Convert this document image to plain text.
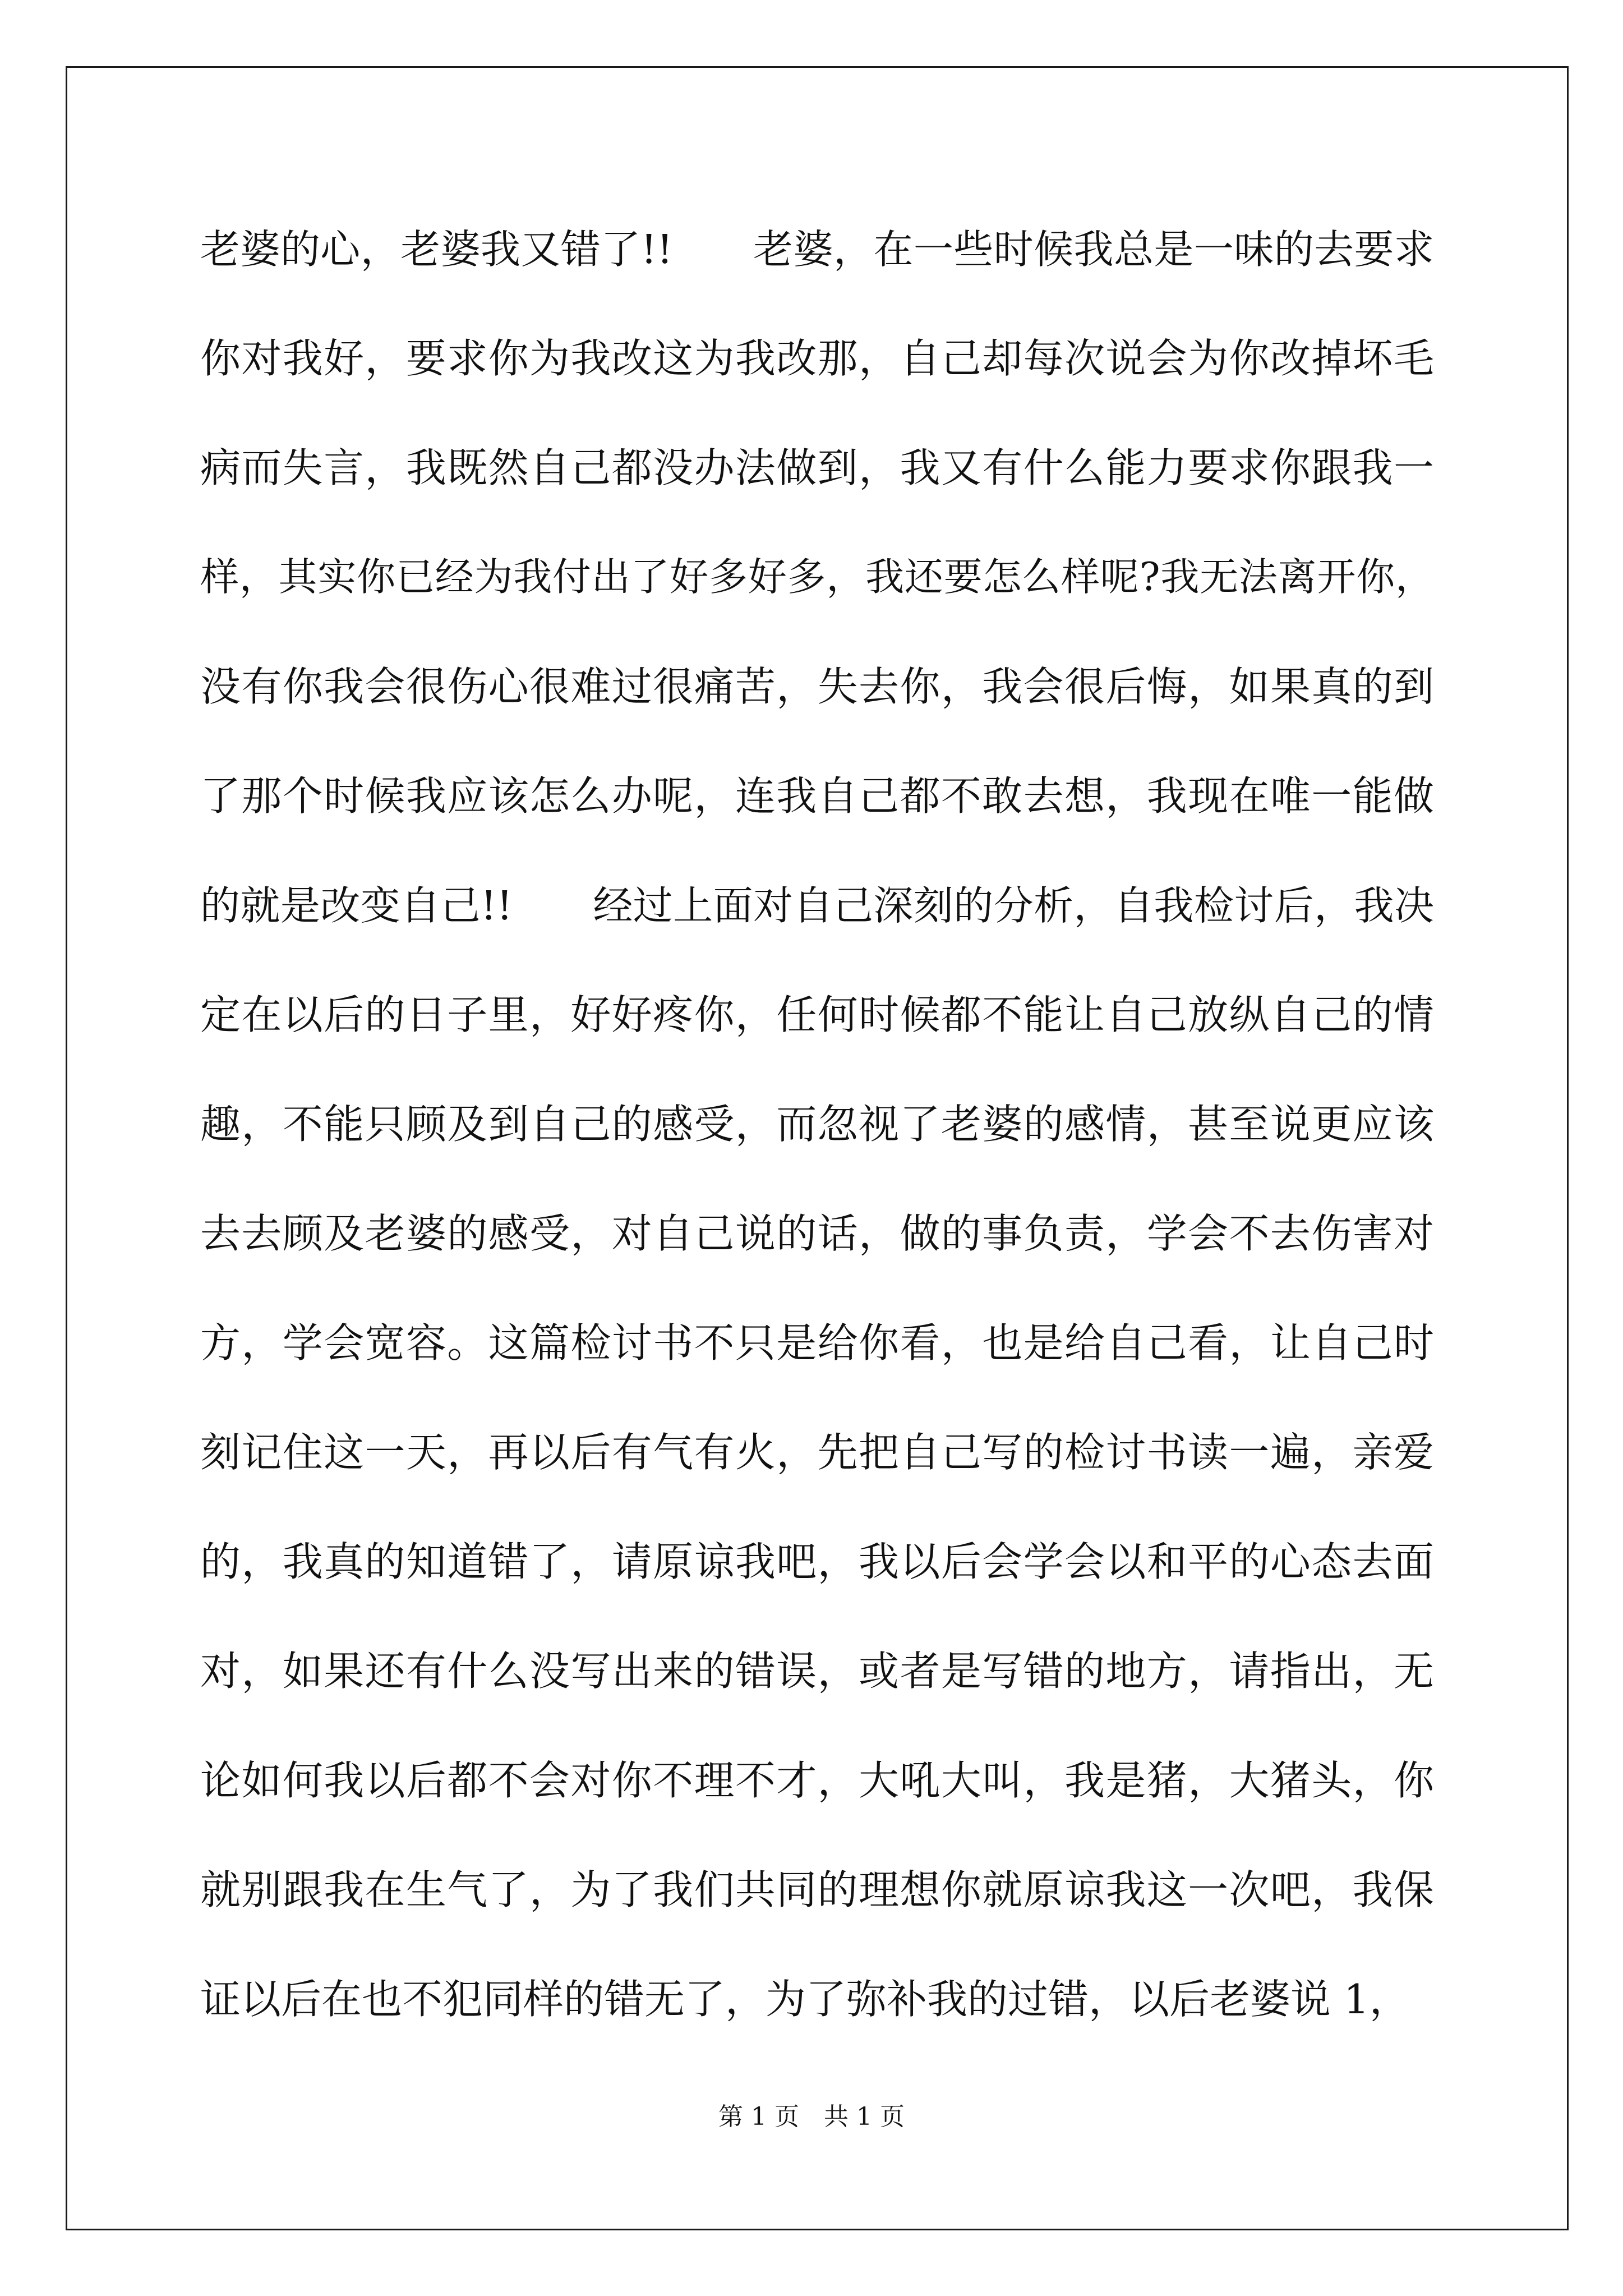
老婆的心，老婆我又错了!!　　老婆，在一些时候我总是一味的去要求
你对我好，要求你为我改这为我改那，自己却每次说会为你改掉坏毛
病而失言，我既然自己都没办法做到，我又有什么能力要求你跟我一
样，其实你已经为我付出了好多好多，我还要怎么样呢?我无法离开你，
没有你我会很伤心很难过很痛苦，失去你，我会很后悔，如果真的到
了那个时候我应该怎么办呢，连我自己都不敢去想，我现在唯一能做
的就是改变自己!!　　经过上面对自己深刻的分析，自我检讨后，我决
定在以后的日子里，好好疼你，任何时候都不能让自己放纵自己的情
趣，不能只顾及到自己的感受，而忽视了老婆的感情，甚至说更应该
去去顾及老婆的感受，对自己说的话，做的事负责，学会不去伤害对
方，学会宽容。这篇检讨书不只是给你看，也是给自己看，让自己时
刻记住这一天，再以后有气有火，先把自己写的检讨书读一遍，亲爱
的，我真的知道错了，请原谅我吧，我以后会学会以和平的心态去面
对，如果还有什么没写出来的错误，或者是写错的地方，请指出，无
论如何我以后都不会对你不理不才，大吼大叫，我是猪，大猪头，你
就别跟我在生气了，为了我们共同的理想你就原谅我这一次吧，我保
证以后在也不犯同样的错无了，为了弥补我的过错，以后老婆说 1，
第 1 页　共 1 页
